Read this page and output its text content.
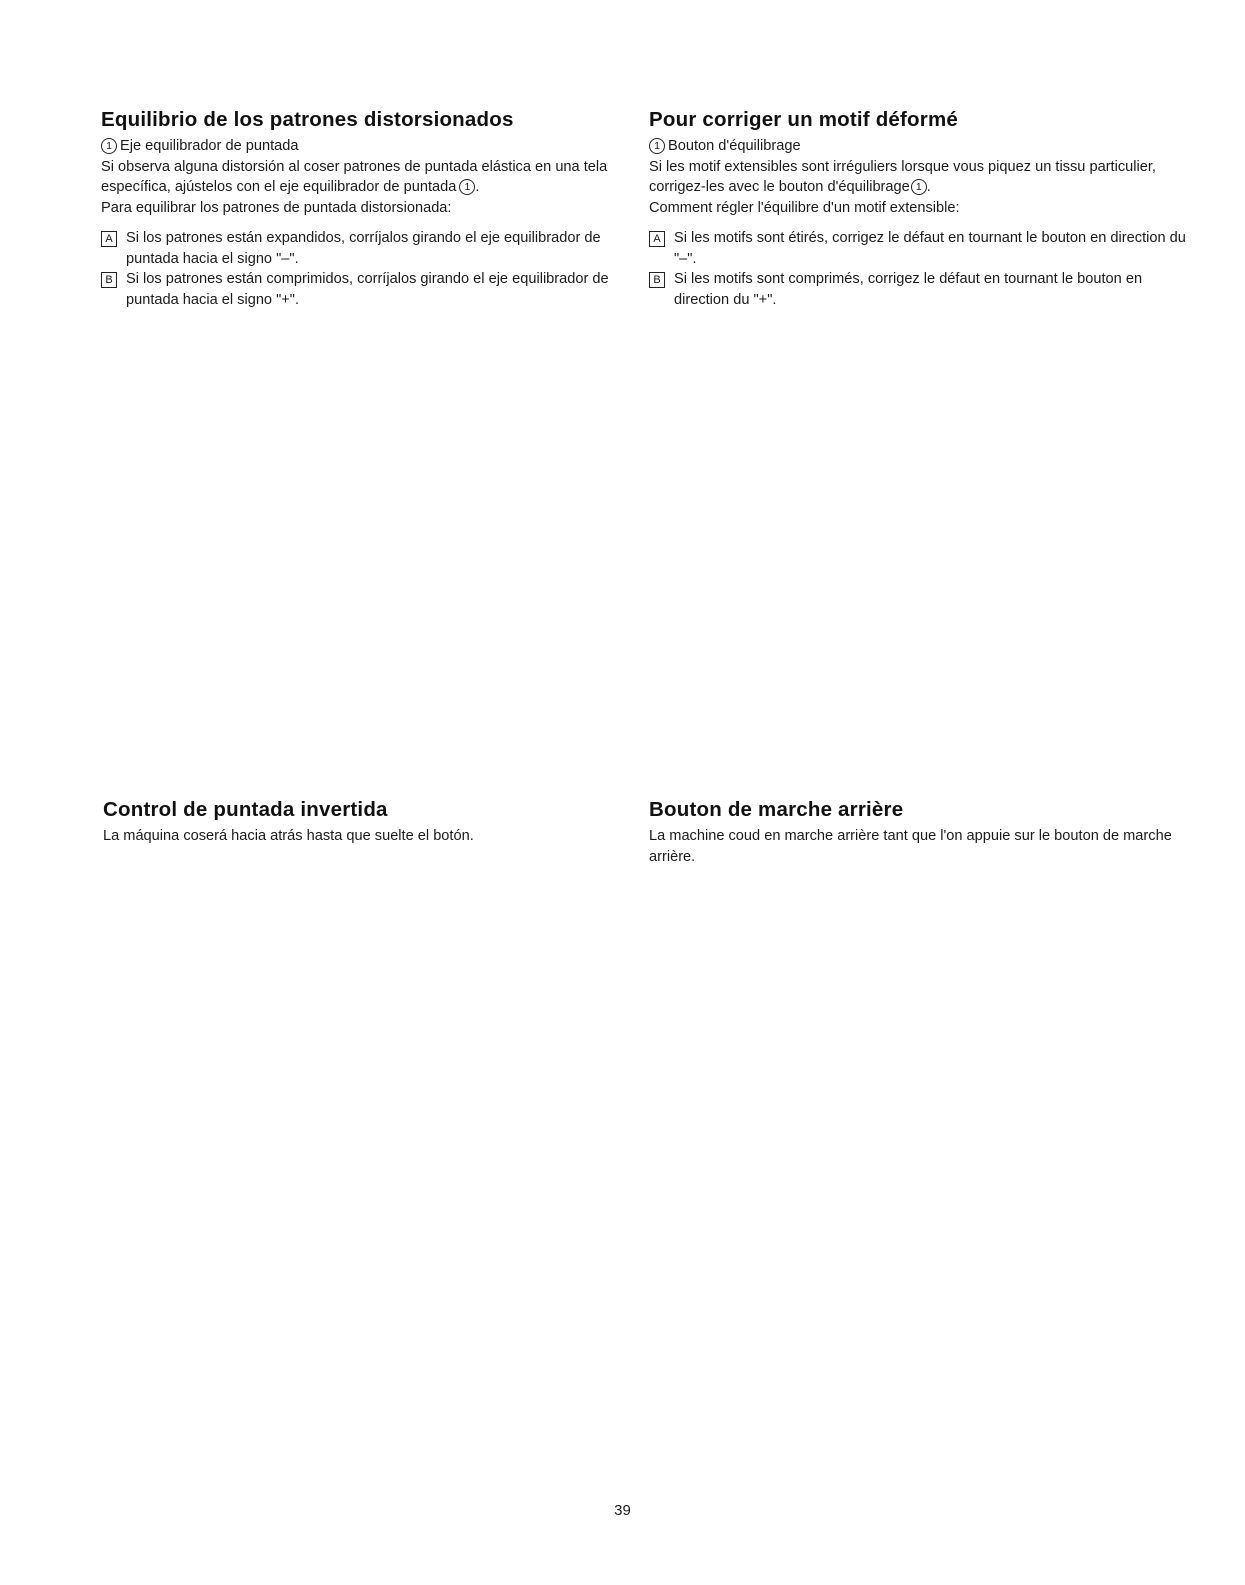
Equilibrio de los patrones distorsionados

1 Eje equilibrador de puntada

Si observa alguna distorsión al coser patrones de puntada elástica en una tela específica, ajústelos con el eje equilibrador de puntada 1 .

Para equilibrar los patrones de puntada distorsionada:

A Si los patrones están expandidos, corríjalos girando el eje equilibrador de puntada hacia el signo "–".
B Si los patrones están comprimidos, corríjalos girando el eje equilibrador de puntada hacia el signo "+".
Pour corriger un motif déformé

1 Bouton d'équilibrage

Si les motif extensibles sont irréguliers lorsque vous piquez un tissu particulier, corrigez-les avec le bouton d'équilibrage 1 .

Comment régler l'équilibre d'un motif extensible:

A Si les motifs sont étirés, corrigez le défaut en tournant le bouton en direction du "–".
B Si les motifs sont comprimés, corrigez le défaut en tournant le bouton en direction du "+".
Control de puntada invertida

La máquina coserá hacia atrás hasta que suelte el botón.

Bouton de marche arrière

La machine coud en marche arrière tant que l'on appuie sur le bouton de marche arrière.

39
